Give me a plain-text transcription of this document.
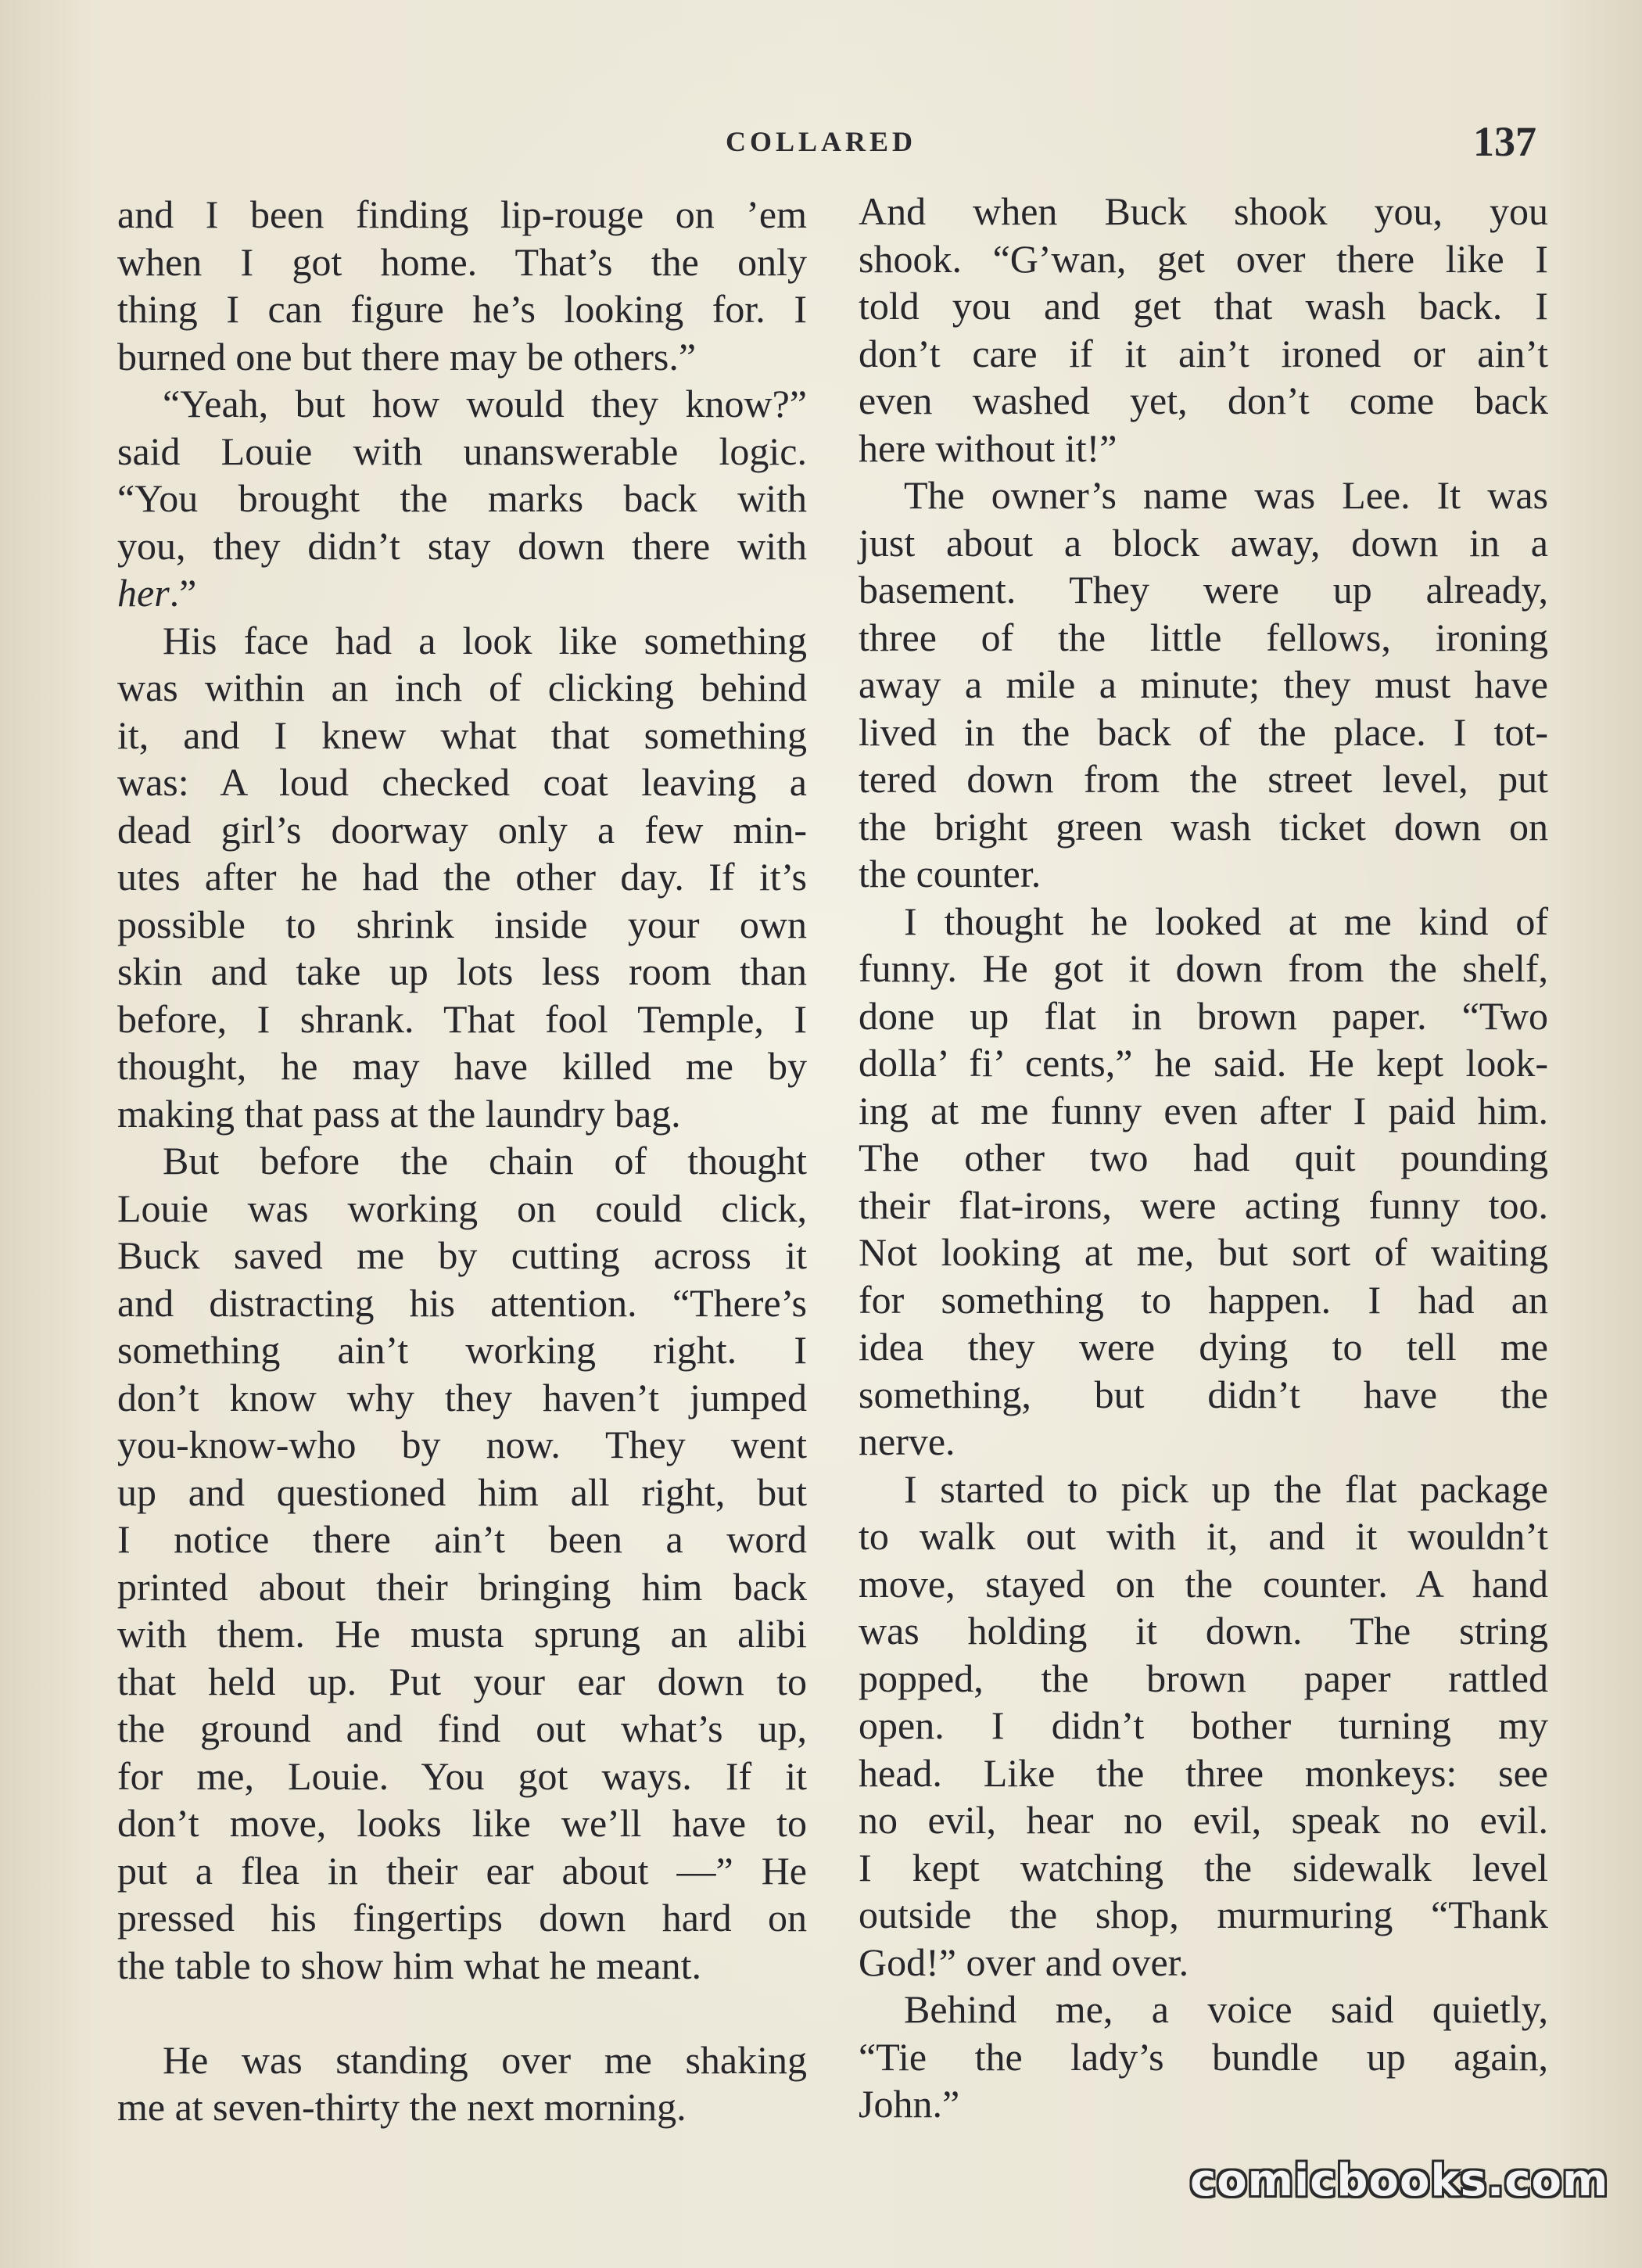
COLLARED	137
and I been finding lip-rouge on ’em
when I got home. That’s the only
thing I can figure he’s looking for. I
burned one but there may be others.”
“Yeah, but how would they know?”
said Louie with unanswerable logic.
“You brought the marks back with
you, they didn’t stay down there with
her.”
His face had a look like something
was within an inch of clicking behind
it, and I knew what that something
was: A loud checked coat leaving a
dead girl’s doorway only a few min-
utes after he had the other day. If it’s
possible to shrink inside your own
skin and take up lots less room than
before, I shrank. That fool Temple, I
thought, he may have killed me by
making that pass at the laundry bag.
But before the chain of thought
Louie was working on could click,
Buck saved me by cutting across it
and distracting his attention. “There’s
something ain’t working right. I
don’t know why they haven’t jumped
you-know-who by now. They went
up and questioned him all right, but
I notice there ain’t been a word
printed about their bringing him back
with them. He musta sprung an alibi
that held up. Put your ear down to
the ground and find out what’s up,
for me, Louie. You got ways. If it
don’t move, looks like we’ll have to
put a flea in their ear about —” He
pressed his fingertips down hard on
the table to show him what he meant.
He was standing over me shaking
me at seven-thirty the next morning.
And when Buck shook you, you
shook. “G’wan, get over there like I
told you and get that wash back. I
don’t care if it ain’t ironed or ain’t
even washed yet, don’t come back
here without it!”
The owner’s name was Lee. It was
just about a block away, down in a
basement. They were up already,
three of the little fellows, ironing
away a mile a minute; they must have
lived in the back of the place. I tot-
tered down from the street level, put
the bright green wash ticket down on
the counter.
I thought he looked at me kind of
funny. He got it down from the shelf,
done up flat in brown paper. “Two
dolla’ fi’ cents,” he said. He kept look-
ing at me funny even after I paid him.
The other two had quit pounding
their flat-irons, were acting funny too.
Not looking at me, but sort of waiting
for something to happen. I had an
idea they were dying to tell me
something, but didn’t have the
nerve.
I started to pick up the flat package
to walk out with it, and it wouldn’t
move, stayed on the counter. A hand
was holding it down. The string
popped, the brown paper rattled
open. I didn’t bother turning my
head. Like the three monkeys: see
no evil, hear no evil, speak no evil.
I kept watching the sidewalk level
outside the shop, murmuring “Thank
God!” over and over.
Behind me, a voice said quietly,
“Tie the lady’s bundle up again,
John.”
comicbooks.com
